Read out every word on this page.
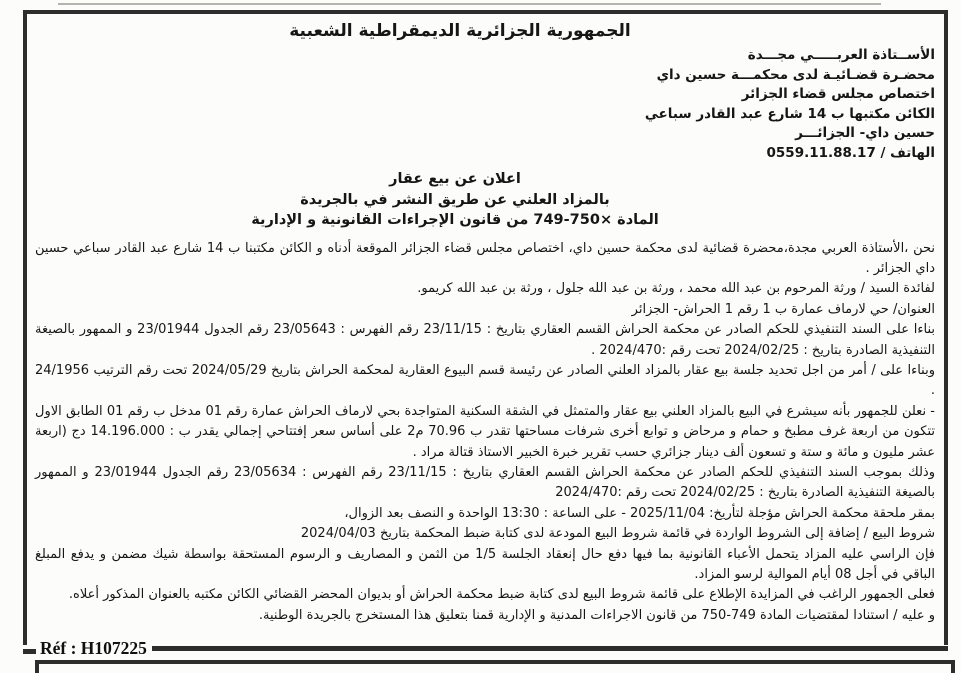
الجمهورية الجزائرية الديمقراطية الشعبية
الأســتاذة العربـــــي مجـــدة
محضـرة قضـائيـة لدى محكمـــة حسين داي
اختصاص مجلس قضاء الجزائر
الكائن مكتبها ب 14 شارع عبد القادر سباعي
حسين داي- الجزائـــر
الهاتف / 0559.11.88.17
اعلان عن بيع عقار
بالمزاد العلني عن طريق النشر في بالجريدة
المادة ×750-749 من قانون الإجراءات القانونية و الإدارية

نحن ،الأستاذة العربي مجدة،محضرة قضائية لدى محكمة حسين داي، اختصاص مجلس قضاء الجزائر الموقعة أدناه و الكائن مكتبنا ب 14 شارع عبد القادر سباعي حسين داي الجزائر .

لفائدة السيد / ورثة المرحوم بن عبد الله محمد ، ورثة بن عبد الله جلول ، ورثة بن عبد الله كريمو.

العنوان/ حي لارماف عمارة ب 1 رقم 1 الحراش- الجزائر

بناءا على السند التنفيذي للحكم الصادر عن محكمة الحراش القسم العقاري بتاريخ : 23/11/15 رقم الفهرس : 23/05643 رقم الجدول 23/01944 و الممهور بالصيغة التنفيذية الصادرة بتاريخ : 2024/02/25 تحت رقم :2024/470 .

وبناءا على / أمر من اجل تحديد جلسة بيع عقار بالمزاد العلني الصادر عن رئيسة قسم البيوع العقارية لمحكمة الحراش بتاريخ 2024/05/29 تحت رقم الترتيب 24/1956 .

- نعلن للجمهور بأنه سيشرع في البيع بالمزاد العلني بيع عقار والمتمثل في الشقة السكنية المتواجدة بحي لارماف الحراش عمارة رقم 01 مدخل ب رقم 01 الطابق الاول تتكون من اربعة غرف مطبخ و حمام و مرحاض و توابع أخرى شرفات مساحتها تقدر ب 70.96 م2 على أساس سعر إفتتاحي إجمالي يقدر ب : 14.196.000 دج (اربعة عشر مليون و مائة و ستة و تسعون ألف دينار جزائري حسب تقرير خبرة الخبير الاستاذ قتالة مراد .

وذلك بموجب السند التنفيذي للحكم الصادر عن محكمة الحراش القسم العقاري بتاريخ : 23/11/15 رقم الفهرس : 23/05634 رقم الجدول 23/01944 و الممهور بالصيغة التنفيذية الصادرة بتاريخ : 2024/02/25 تحت رقم :2024/470

بمقر ملحقة محكمة الحراش مؤجلة لتأريخ: 2025/11/04 - على الساعة : 13:30 الواحدة و النصف بعد الزوال،

شروط البيع / إضافة إلى الشروط الواردة في قائمة شروط البيع المودعة لدى كتابة ضبط المحكمة بتاريخ 2024/04/03

فإن الراسي عليه المزاد يتحمل الأعباء القانونية بما فيها دفع حال إنعقاد الجلسة 1/5 من الثمن و المصاريف و الرسوم المستحقة بواسطة شيك مضمن و يدفع المبلغ الباقي في أجل 08 أيام الموالية لرسو المزاد.

فعلى الجمهور الراغب في المزايدة الإطلاع على قائمة شروط البيع لدى كتابة ضبط محكمة الحراش أو بديوان المحضر القضائي الكائن مكتبه بالعنوان المذكور أعلاه.

و عليه / استنادا لمقتضيات المادة 749-750 من قانون الاجراءات المدنية و الإدارية قمنا بتعليق هذا المستخرج بالجريدة الوطنية.

Réf : H107225
